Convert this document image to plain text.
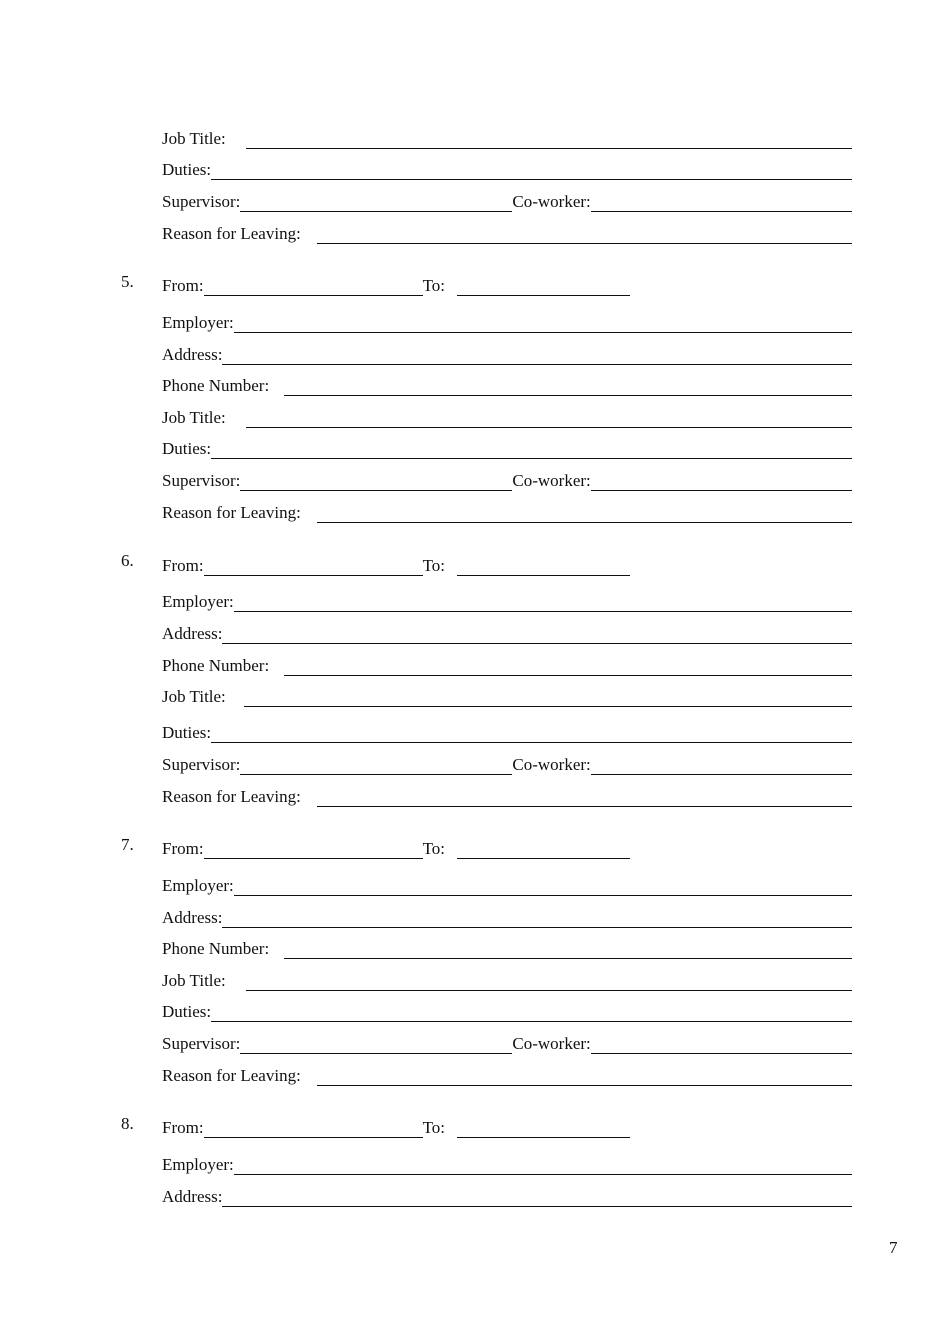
Job Title:
Duties:
Supervisor:	Co-worker:
Reason for Leaving:
5. From:	To:
Employer:
Address:
Phone Number:
Job Title:
Duties:
Supervisor:	Co-worker:
Reason for Leaving:
6. From:	To:
Employer:
Address:
Phone Number:
Job Title:
Duties:
Supervisor:	Co-worker:
Reason for Leaving:
7. From:	To:
Employer:
Address:
Phone Number:
Job Title:
Duties:
Supervisor:	Co-worker:
Reason for Leaving:
8. From:	To:
Employer:
Address:
7
